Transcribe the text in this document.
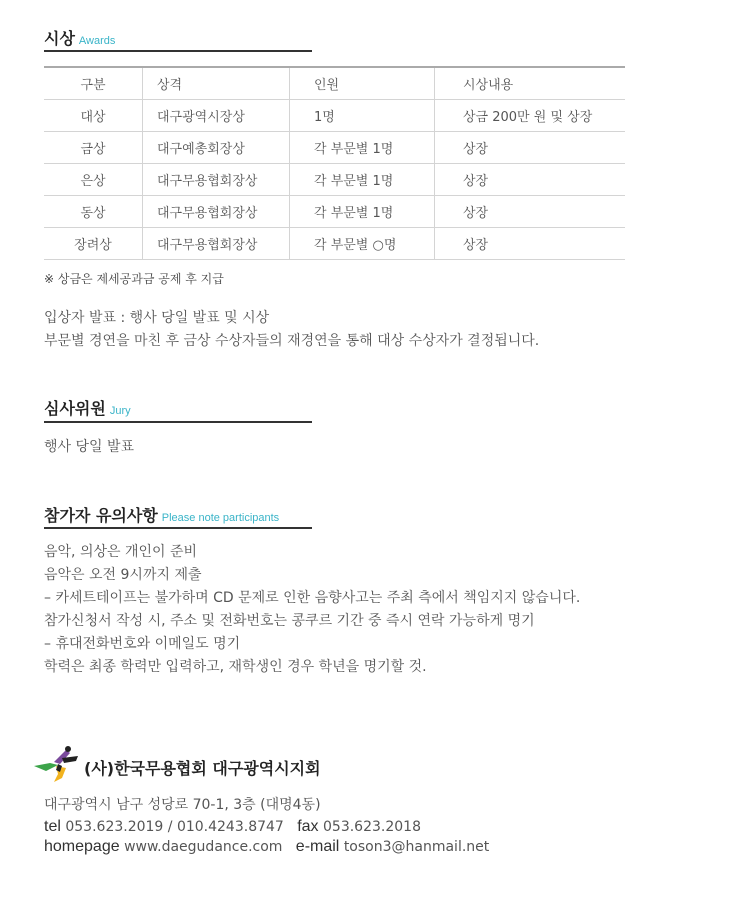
시상 Awards
구분	상격	인원	시상내용
대상	대구광역시장상	1명	상금 200만 원 및 상장
금상	대구예총회장상	각 부문별 1명	상장
은상	대구무용협회장상	각 부문별 1명	상장
동상	대구무용협회장상	각 부문별 1명	상장
장려상	대구무용협회장상	각 부문별 ○명	상장
※ 상금은 제세공과금 공제 후 지급
입상자 발표 : 행사 당일 발표 및 시상
부문별 경연을 마친 후 금상 수상자들의 재경연을 통해 대상 수상자가 결정됩니다.
심사위원 Jury
행사 당일 발표
참가자 유의사항 Please note participants
음악, 의상은 개인이 준비
음악은 오전 9시까지 제출
– 카세트테이프는 불가하며 CD 문제로 인한 음향사고는 주최 측에서 책임지지 않습니다.
참가신청서 작성 시, 주소 및 전화번호는 콩쿠르 기간 중 즉시 연락 가능하게 명기
– 휴대전화번호와 이메일도 명기
학력은 최종 학력만 입력하고, 재학생인 경우 학년을 명기할 것.
(사)한국무용협회 대구광역시지회
대구광역시 남구 성당로 70-1, 3층 (대명4동)
tel 053.623.2019 / 010.4243.8747 fax 053.623.2018
homepage www.daegudance.com e-mail toson3@hanmail.net
